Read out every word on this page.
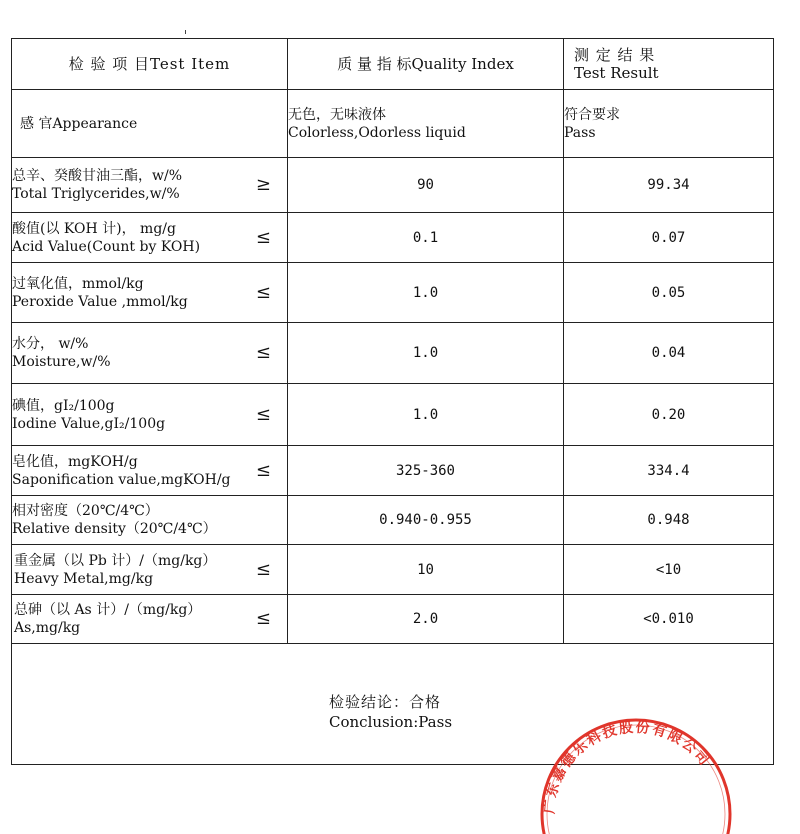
检 验 项 目Test Item	质 量 指 标Quality Index	测 定 结 果
Test Result

感 官Appearance	无色，无味液体
Colorless,Odorless liquid	符合要求
Pass

总辛、癸酸甘油三酯，w/%
Total Triglycerides,w/% ≥	90	99.34

酸值(以 KOH 计)， mg/g
Acid Value(Count by KOH) ≤	0.1	0.07

过氧化值，mmol/kg
Peroxide Value ,mmol/kg ≤	1.0	0.05

水分， w/%
Moisture,w/% ≤	1.0	0.04

碘值，gI₂/100g
Iodine Value,gI₂/100g ≤	1.0	0.20

皂化值，mgKOH/g
Saponification value,mgKOH/g ≤	325-360	334.4

相对密度（20℃/4℃）
Relative density（20℃/4℃）	0.940-0.955	0.948

重金属（以 Pb 计）/（mg/kg）
Heavy Metal,mg/kg ≤	10	<10

总砷（以 As 计）/（mg/kg）
As,mg/kg ≤	2.0	<0.010

检验结论：合格
Conclusion:Pass
广东嘉德乐科技股份有限公司		
